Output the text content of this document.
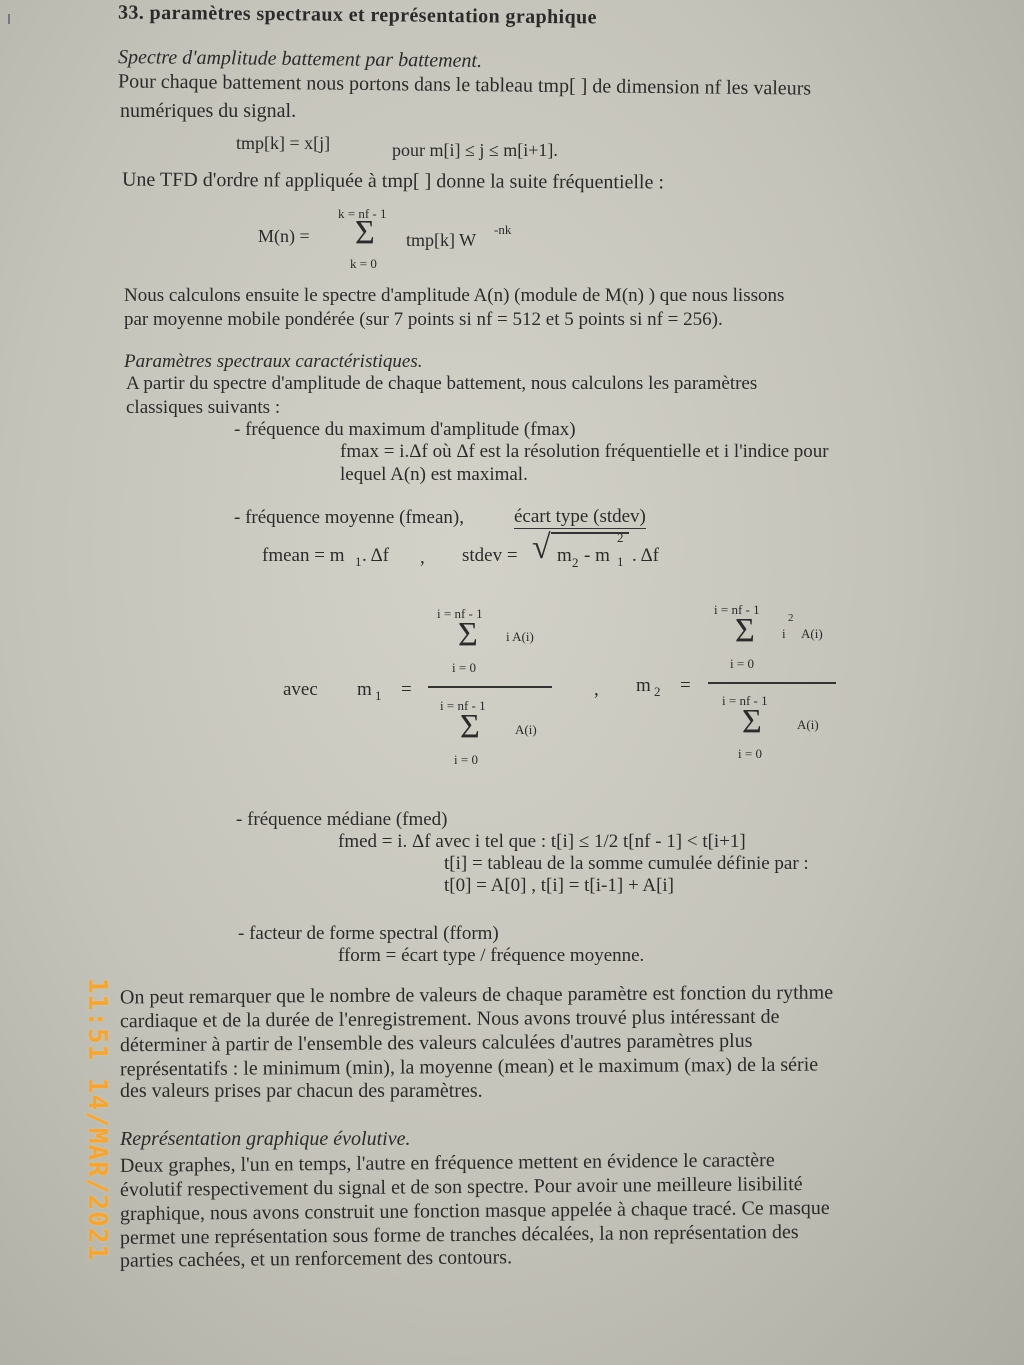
33. paramètres spectraux et représentation graphique
Spectre d'amplitude battement par battement.
Pour chaque battement nous portons dans le tableau tmp[ ] de dimension nf les valeurs
numériques du signal.
tmp[k] = x[j]	pour m[i] ≤ j ≤ m[i+1].
Une TFD d'ordre nf appliquée à tmp[ ] donne la suite fréquentielle :
M(n) =
k = nf - 1
Σ
k = 0
tmp[k] W
-nk
Nous calculons ensuite le spectre d'amplitude A(n) (module de M(n) ) que nous lissons
par moyenne mobile pondérée (sur 7 points si nf = 512 et 5 points si nf = 256).
Paramètres spectraux caractéristiques.
A partir du spectre d'amplitude de chaque battement, nous calculons les paramètres
classiques suivants :
- fréquence du maximum d'amplitude (fmax)
fmax = i.Δf où Δf est la résolution fréquentielle et i l'indice pour
lequel A(n) est maximal.
- fréquence moyenne (fmean),	écart type (stdev)
fmean = m 1 . Δf , stdev = √ m 2 - m 1
2
. Δf
avec m 1 =
i = nf - 1
Σ i A(i)
i = 0
i = nf - 1
Σ	A(i)
i = 0
, m 2 =
i = nf - 1
Σ i
2
A(i)
i = 0
i = nf - 1
Σ	A(i)
i = 0
- fréquence médiane (fmed)
fmed = i. Δf avec i tel que : t[i] ≤ 1/2 t[nf - 1] < t[i+1]
t[i] = tableau de la somme cumulée définie par :
t[0] = A[0] , t[i] = t[i-1] + A[i]
- facteur de forme spectral (fform)
fform = écart type / fréquence moyenne.
On peut remarquer que le nombre de valeurs de chaque paramètre est fonction du rythme
cardiaque et de la durée de l'enregistrement. Nous avons trouvé plus intéressant de
déterminer à partir de l'ensemble des valeurs calculées d'autres paramètres plus
représentatifs : le minimum (min), la moyenne (mean) et le maximum (max) de la série
des valeurs prises par chacun des paramètres.
Représentation graphique évolutive.
Deux graphes, l'un en temps, l'autre en fréquence mettent en évidence le caractère
évolutif respectivement du signal et de son spectre. Pour avoir une meilleure lisibilité
graphique, nous avons construit une fonction masque appelée à chaque tracé. Ce masque
permet une représentation sous forme de tranches décalées, la non représentation des
parties cachées, et un renforcement des contours.
11:51 14/MAR/2021
